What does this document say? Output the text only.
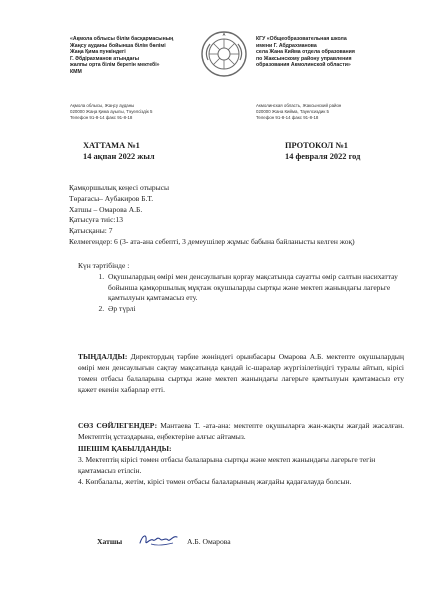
«Ақмола облысы білім басқармасының
Жаңсу ауданы бойынша білім бөлімі
Жаңа Қима пункіндегі
Г. Әбдірахманов атындағы
жалпы орта білім беретін мектебі»
КММ
КГУ «Общеобразовательная школа
имени Г. Абдрахманова
села Жана Кийма отдела образования
по Жаксынскому району управления
образования Акмолинской области»
Ақмола облысы, Жаңсу ауданы
020000 Жаңа Қима ауылы, Тәуелсіздік 5
Телефон 91-8-14 факс 91-8-18
Акмолинская область, Жаксынский район
020000 Жана Кийма, Тауелсиздик 5
Телефон 91-8-14 факс 91-8-18
ХАТТАМА №1
14 ақпан 2022 жыл
ПРОТОКОЛ №1
14 февраля 2022 год
Қамқоршылық кеңесі отырысы
Төрағасы– Аубакиров Б.Т.
Хатшы – Омарова А.Б.
Қатысуға тиіс:13
Қатысқаны: 7
Келмегендер: 6 (3- ата-ана себепті, 3 демеушілер жұмыс бабына байланысты келген жоқ)
Күн тәртібінде :
1. Оқушылардың өмірі мен денсаулығын қорғау мақсатында сауатты өмір салтын насихаттау бойынша қамқоршылық мұқтаж оқушыларды сыртқы және мектеп жанындағы лагерьге қамтылуын қамтамасыз ету.
2. Әр түрлі
ТЫҢДАЛДЫ: Директордың тәрбие жөніндегі орынбасары Омарова А.Б. мектепте оқушылардың өмірі мен денсаулығын сақтау мақсатында қандай іс-шаралар жүргізілетіндігі туралы айтып, кірісі төмен отбасы балаларына сыртқы және мектеп жанындағы лагерьге қамтылуын қамтамасыз ету қажет екенін хабарлар етті.
СӨЗ СӨЙЛЕГЕНДЕР: Мантаева Т. -ата-ана: мектепте оқушыларға жан-жақты жағдай жасалған. Мектептің ұстаздарына, еңбектеріне алғыс айтамыз.
ШЕШІМ ҚАБЫЛДАНДЫ:
3. Мектептің кірісі төмен отбасы балаларына сыртқы және мектеп жанындағы лагерьге тегін қамтамасыз етілсін.
4. Көпбалалы, жетім, кірісі төмен отбасы балаларының жағдайы қадағалауда болсын.
Хатшы	А.Б. Омарова
